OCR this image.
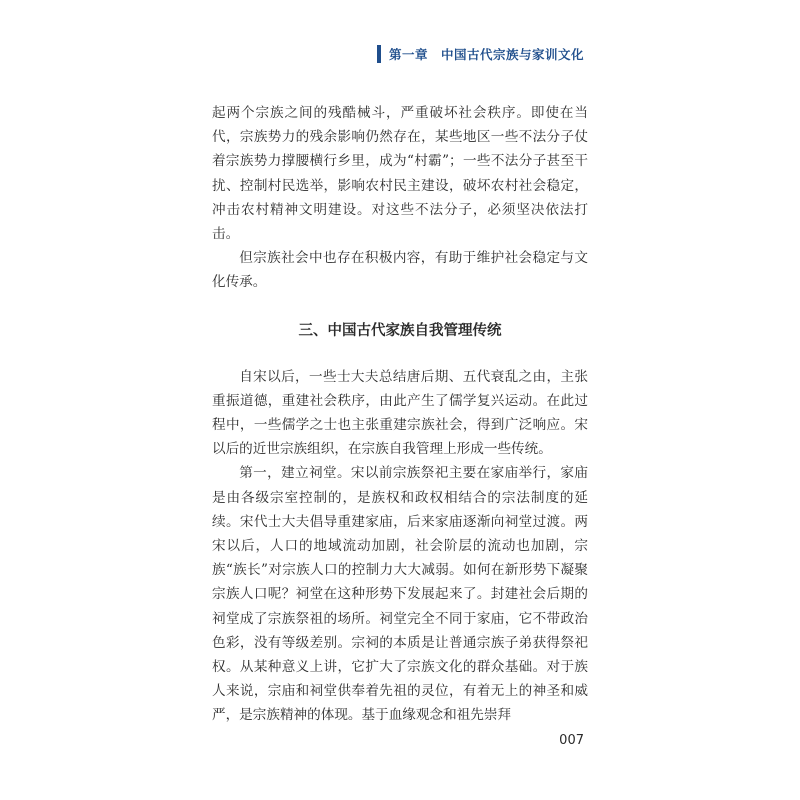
第一章　中国古代宗族与家训文化

起两个宗族之间的残酷械斗，严重破坏社会秩序。即使在当代，宗族势力的残余影响仍然存在，某些地区一些不法分子仗着宗族势力撑腰横行乡里，成为“村霸”；一些不法分子甚至干扰、控制村民选举，影响农村民主建设，破坏农村社会稳定，冲击农村精神文明建设。对这些不法分子，必须坚决依法打击。

但宗族社会中也存在积极内容，有助于维护社会稳定与文化传承。

三、中国古代家族自我管理传统

自宋以后，一些士大夫总结唐后期、五代衰乱之由，主张重振道德，重建社会秩序，由此产生了儒学复兴运动。在此过程中，一些儒学之士也主张重建宗族社会，得到广泛响应。宋以后的近世宗族组织，在宗族自我管理上形成一些传统。

第一，建立祠堂。宋以前宗族祭祀主要在家庙举行，家庙是由各级宗室控制的，是族权和政权相结合的宗法制度的延续。宋代士大夫倡导重建家庙，后来家庙逐渐向祠堂过渡。两宋以后，人口的地域流动加剧，社会阶层的流动也加剧，宗族“族长”对宗族人口的控制力大大减弱。如何在新形势下凝聚宗族人口呢？祠堂在这种形势下发展起来了。封建社会后期的祠堂成了宗族祭祖的场所。祠堂完全不同于家庙，它不带政治色彩，没有等级差别。宗祠的本质是让普通宗族子弟获得祭祀权。从某种意义上讲，它扩大了宗族文化的群众基础。对于族人来说，宗庙和祠堂供奉着先祖的灵位，有着无上的神圣和威严，是宗族精神的体现。基于血缘观念和祖先崇拜

007
